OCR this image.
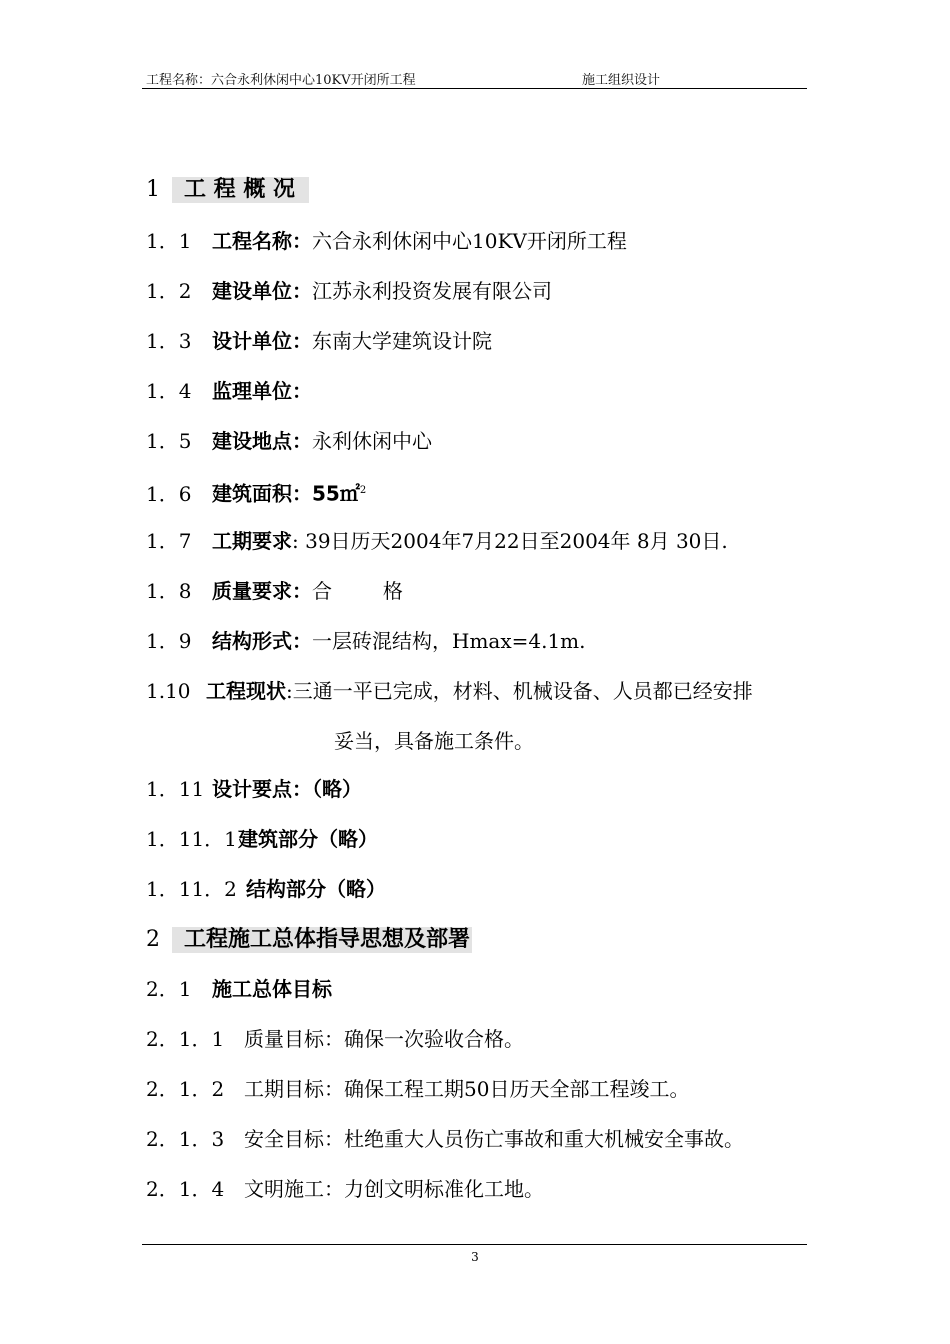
工程名称：六合永利休闲中心10KV开闭所工程	施工组织设计
1 工 程 概 况
1．1 工程名称：六合永利休闲中心10KV开闭所工程
1．2 建设单位：江苏永利投资发展有限公司
1．3 设计单位：东南大学建筑设计院
1．4 监理单位：
1．5 建设地点：永利休闲中心
1．6 建筑面积：55㎡$^2$
1．7 工期要求: 39日历天2004年7月22日至2004年 8月 30日.
1．8 质量要求：合        格
1．9 结构形式：一层砖混结构，Hmax=4.1m.
1.10 工程现状:三通一平已完成，材料、机械设备、人员都已经安排
妥当，具备施工条件。
1．11 设计要点：（略）
1．11．1建筑部分（略）
1．11．2 结构部分（略）
2 工程施工总体指导思想及部署
2．1 施工总体目标
2．1．1 质量目标：确保一次验收合格。
2．1．2 工期目标：确保工程工期50日历天全部工程竣工。
2．1．3 安全目标：杜绝重大人员伤亡事故和重大机械安全事故。
2．1．4 文明施工：力创文明标准化工地。
3
